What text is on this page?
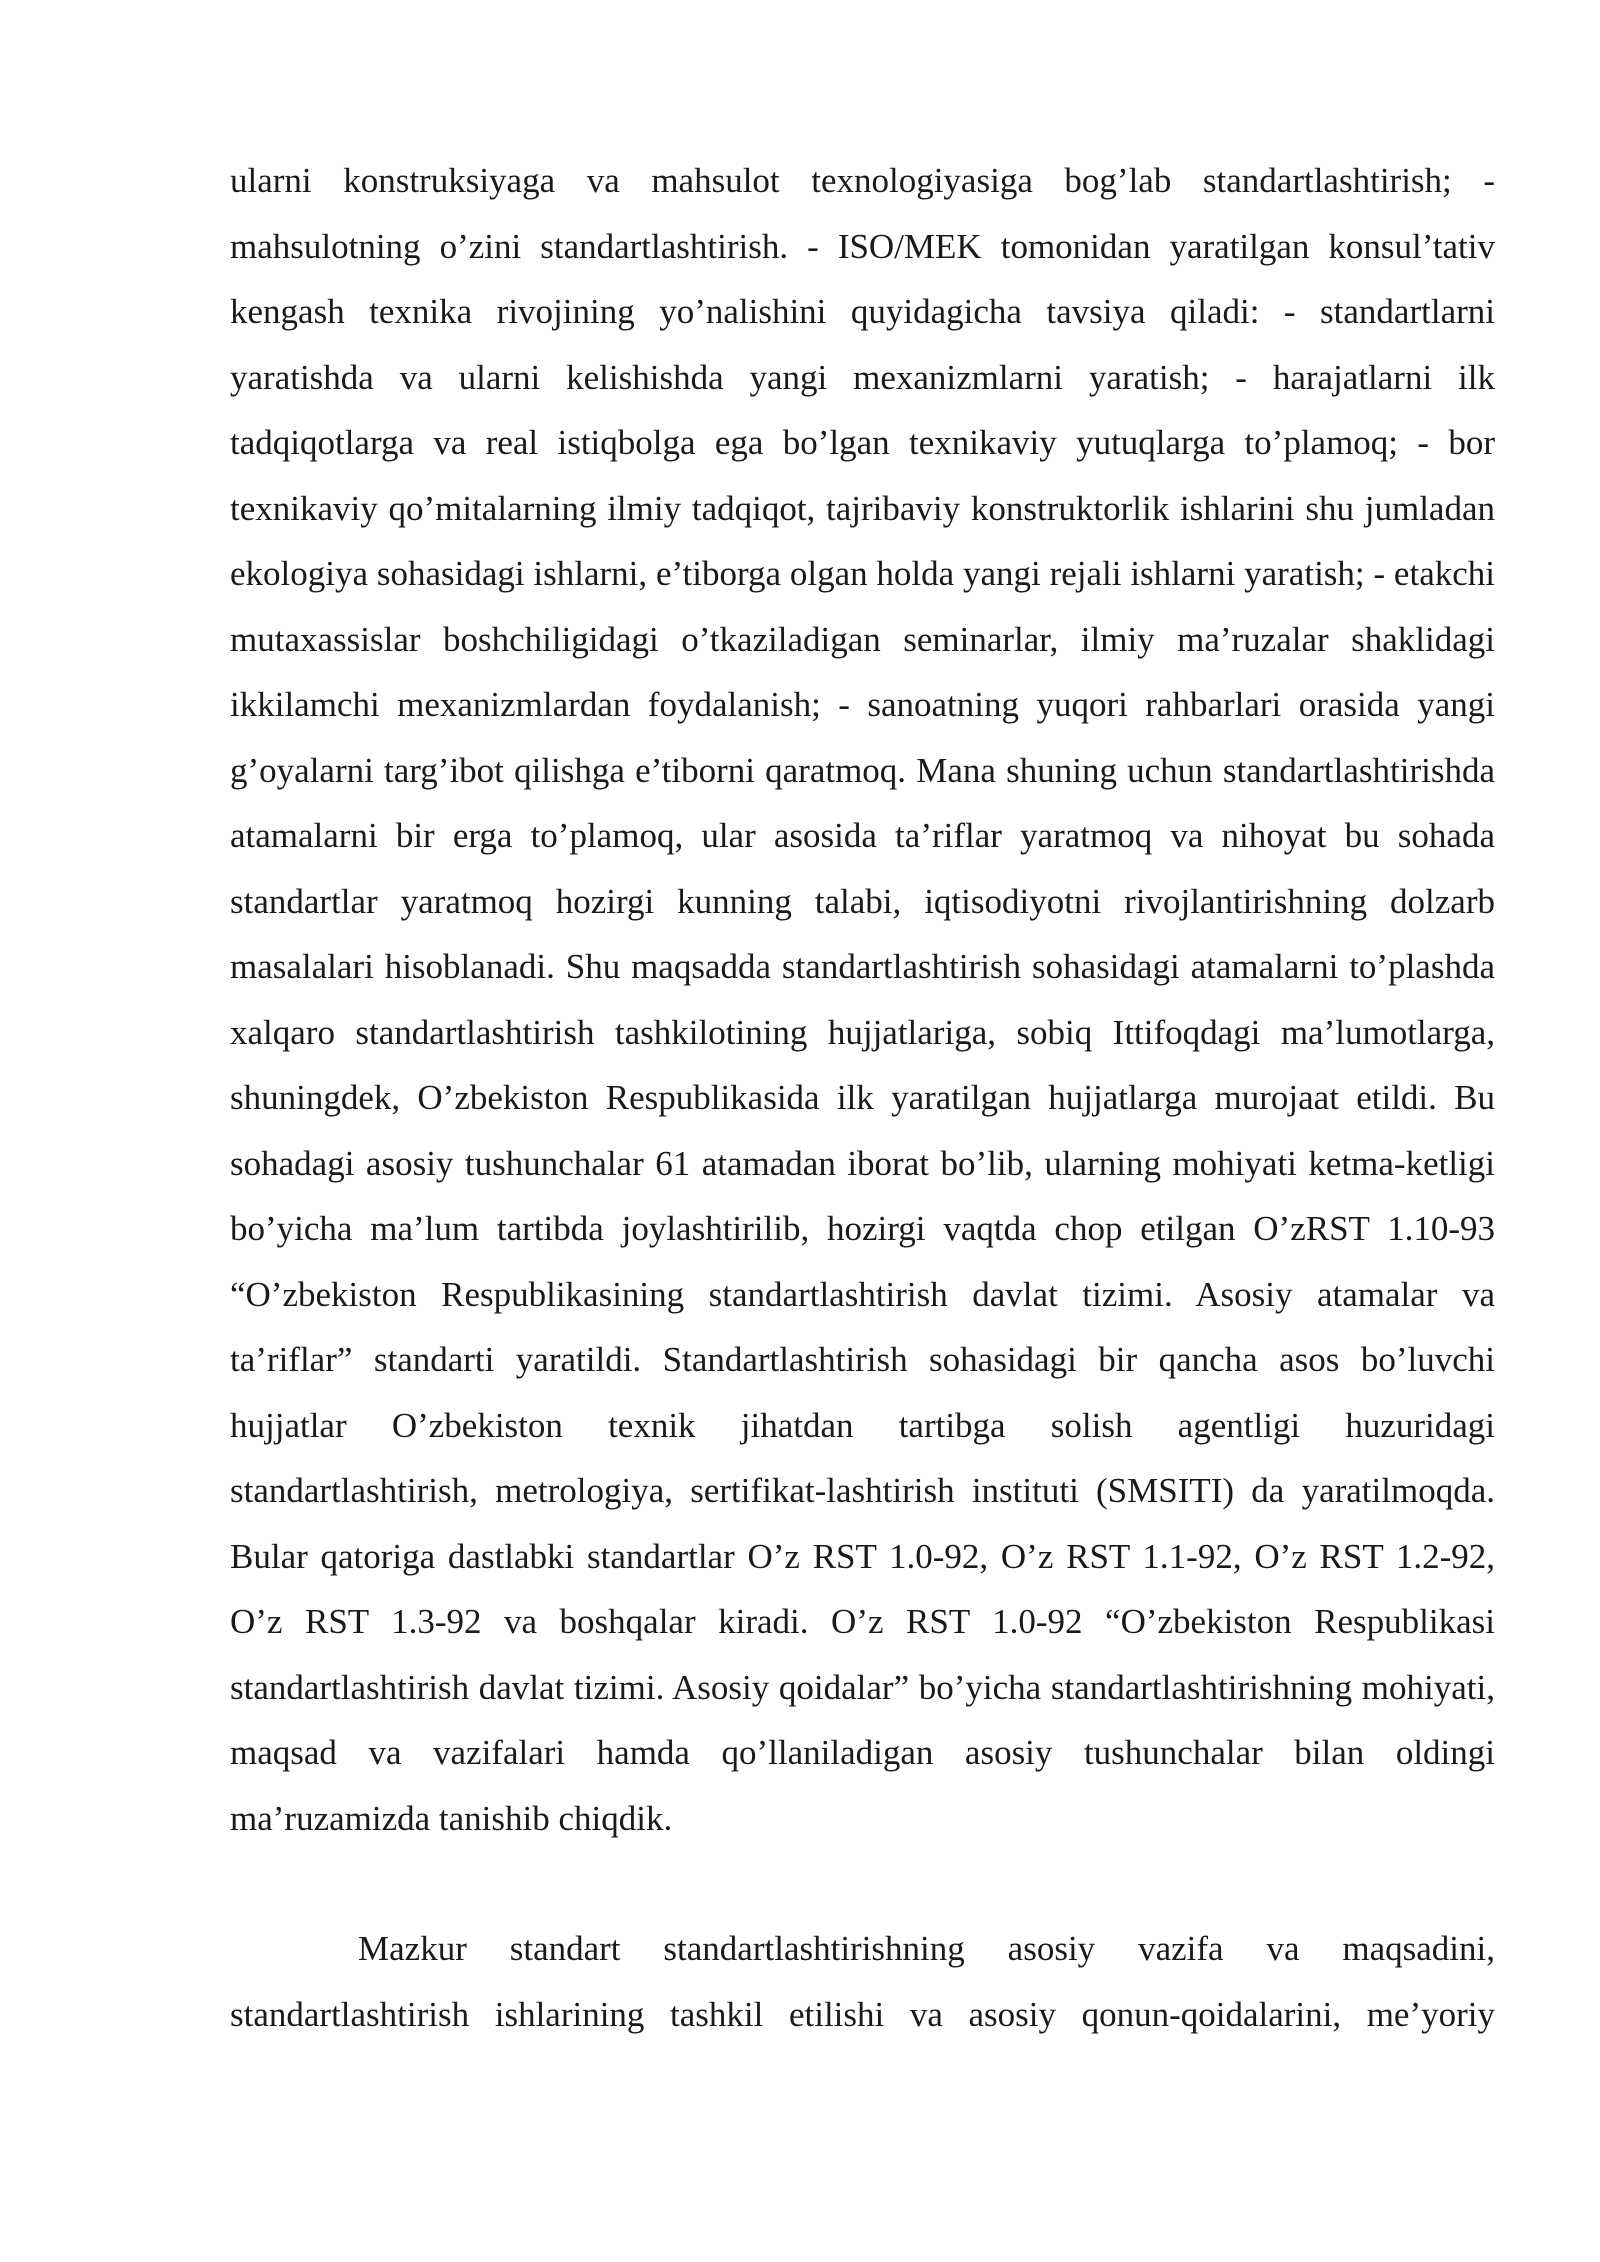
ularni konstruksiyaga va mahsulot texnologiyasiga bog’lab standartlashtirish; - mahsulotning o’zini standartlashtirish. - ISO/MEK tomonidan yaratilgan konsul’tativ kengash texnika rivojining yo’nalishini quyidagicha tavsiya qiladi: - standartlarni yaratishda va ularni kelishishda yangi mexanizmlarni yaratish; - harajatlarni ilk tadqiqotlarga va real istiqbolga ega bo’lgan texnikaviy yutuqlarga to’plamoq; - bor texnikaviy qo’mitalarning ilmiy tadqiqot, tajribaviy konstruktorlik ishlarini shu jumladan ekologiya sohasidagi ishlarni, e’tiborga olgan holda yangi rejali ishlarni yaratish; - etakchi mutaxassislar boshchiligidagi o’tkaziladigan seminarlar, ilmiy ma’ruzalar shaklidagi ikkilamchi mexanizmlardan foydalanish; - sanoatning yuqori rahbarlari orasida yangi g’oyalarni targ’ibot qilishga e’tiborni qaratmoq. Mana shuning uchun standartlashtirishda atamalarni bir erga to’plamoq, ular asosida ta’riflar yaratmoq va nihoyat bu sohada standartlar yaratmoq hozirgi kunning talabi, iqtisodiyotni rivojlantirishning dolzarb masalalari hisoblanadi. Shu maqsadda standartlashtirish sohasidagi atamalarni to’plashda xalqaro standartlashtirish tashkilotining hujjatlariga, sobiq Ittifoqdagi ma’lumotlarga, shuningdek, O’zbekiston Respublikasida ilk yaratilgan hujjatlarga murojaat etildi. Bu sohadagi asosiy tushunchalar 61 atamadan iborat bo’lib, ularning mohiyati ketma-ketligi bo’yicha ma’lum tartibda joylashtirilib, hozirgi vaqtda chop etilgan O’zRST 1.10-93 “O’zbekiston Respublikasining standartlashtirish davlat tizimi. Asosiy atamalar va ta’riflar” standarti yaratildi. Standartlashtirish sohasidagi bir qancha asos bo’luvchi hujjatlar O’zbekiston texnik jihatdan tartibga solish agentligi huzuridagi standartlashtirish, metrologiya, sertifikat-lashtirish instituti (SMSITI) da yaratilmoqda. Bular qatoriga dastlabki standartlar O’z RST 1.0-92, O’z RST 1.1-92, O’z RST 1.2-92, O’z RST 1.3-92 va boshqalar kiradi. O’z RST 1.0-92 “O’zbekiston Respublikasi standartlashtirish davlat tizimi. Asosiy qoidalar” bo’yicha standartlashtirishning mohiyati, maqsad va vazifalari hamda qo’llaniladigan asosiy tushunchalar bilan oldingi ma’ruzamizda tanishib chiqdik.

Mazkur standart standartlashtirishning asosiy vazifa va maqsadini, standartlashtirish ishlarining tashkil etilishi va asosiy qonun-qoidalarini, me’yoriy
